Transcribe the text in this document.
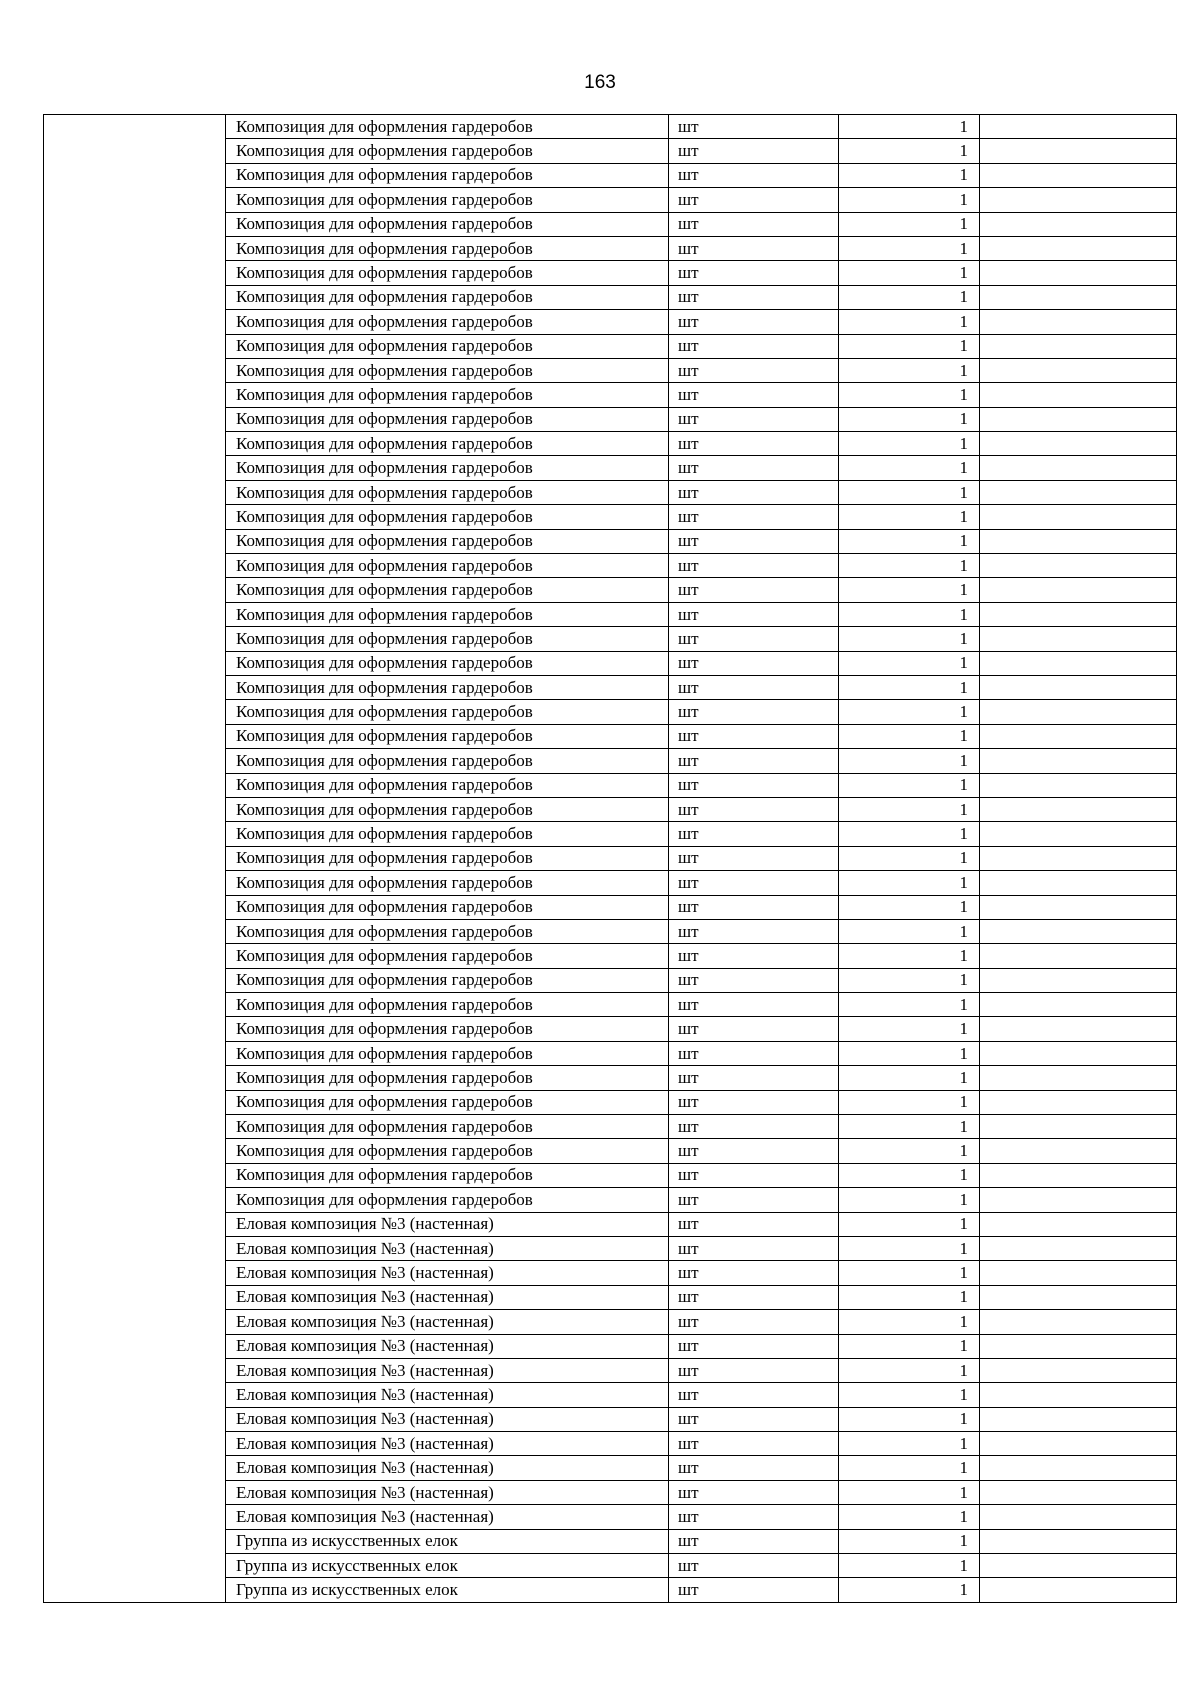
163

	Композиция для оформления гардеробов	шт	1	
	Композиция для оформления гардеробов	шт	1	
	Композиция для оформления гардеробов	шт	1	
	Композиция для оформления гардеробов	шт	1	
	Композиция для оформления гардеробов	шт	1	
	Композиция для оформления гардеробов	шт	1	
	Композиция для оформления гардеробов	шт	1	
	Композиция для оформления гардеробов	шт	1	
	Композиция для оформления гардеробов	шт	1	
	Композиция для оформления гардеробов	шт	1	
	Композиция для оформления гардеробов	шт	1	
	Композиция для оформления гардеробов	шт	1	
	Композиция для оформления гардеробов	шт	1	
	Композиция для оформления гардеробов	шт	1	
	Композиция для оформления гардеробов	шт	1	
	Композиция для оформления гардеробов	шт	1	
	Композиция для оформления гардеробов	шт	1	
	Композиция для оформления гардеробов	шт	1	
	Композиция для оформления гардеробов	шт	1	
	Композиция для оформления гардеробов	шт	1	
	Композиция для оформления гардеробов	шт	1	
	Композиция для оформления гардеробов	шт	1	
	Композиция для оформления гардеробов	шт	1	
	Композиция для оформления гардеробов	шт	1	
	Композиция для оформления гардеробов	шт	1	
	Композиция для оформления гардеробов	шт	1	
	Композиция для оформления гардеробов	шт	1	
	Композиция для оформления гардеробов	шт	1	
	Композиция для оформления гардеробов	шт	1	
	Композиция для оформления гардеробов	шт	1	
	Композиция для оформления гардеробов	шт	1	
	Композиция для оформления гардеробов	шт	1	
	Композиция для оформления гардеробов	шт	1	
	Композиция для оформления гардеробов	шт	1	
	Композиция для оформления гардеробов	шт	1	
	Композиция для оформления гардеробов	шт	1	
	Композиция для оформления гардеробов	шт	1	
	Композиция для оформления гардеробов	шт	1	
	Композиция для оформления гардеробов	шт	1	
	Композиция для оформления гардеробов	шт	1	
	Композиция для оформления гардеробов	шт	1	
	Композиция для оформления гардеробов	шт	1	
	Композиция для оформления гардеробов	шт	1	
	Композиция для оформления гардеробов	шт	1	
	Композиция для оформления гардеробов	шт	1	
	Еловая композиция №3 (настенная)	шт	1	
	Еловая композиция №3 (настенная)	шт	1	
	Еловая композиция №3 (настенная)	шт	1	
	Еловая композиция №3 (настенная)	шт	1	
	Еловая композиция №3 (настенная)	шт	1	
	Еловая композиция №3 (настенная)	шт	1	
	Еловая композиция №3 (настенная)	шт	1	
	Еловая композиция №3 (настенная)	шт	1	
	Еловая композиция №3 (настенная)	шт	1	
	Еловая композиция №3 (настенная)	шт	1	
	Еловая композиция №3 (настенная)	шт	1	
	Еловая композиция №3 (настенная)	шт	1	
	Еловая композиция №3 (настенная)	шт	1	
	Группа из искусственных елок	шт	1	
	Группа из искусственных елок	шт	1	
	Группа из искусственных елок	шт	1	
